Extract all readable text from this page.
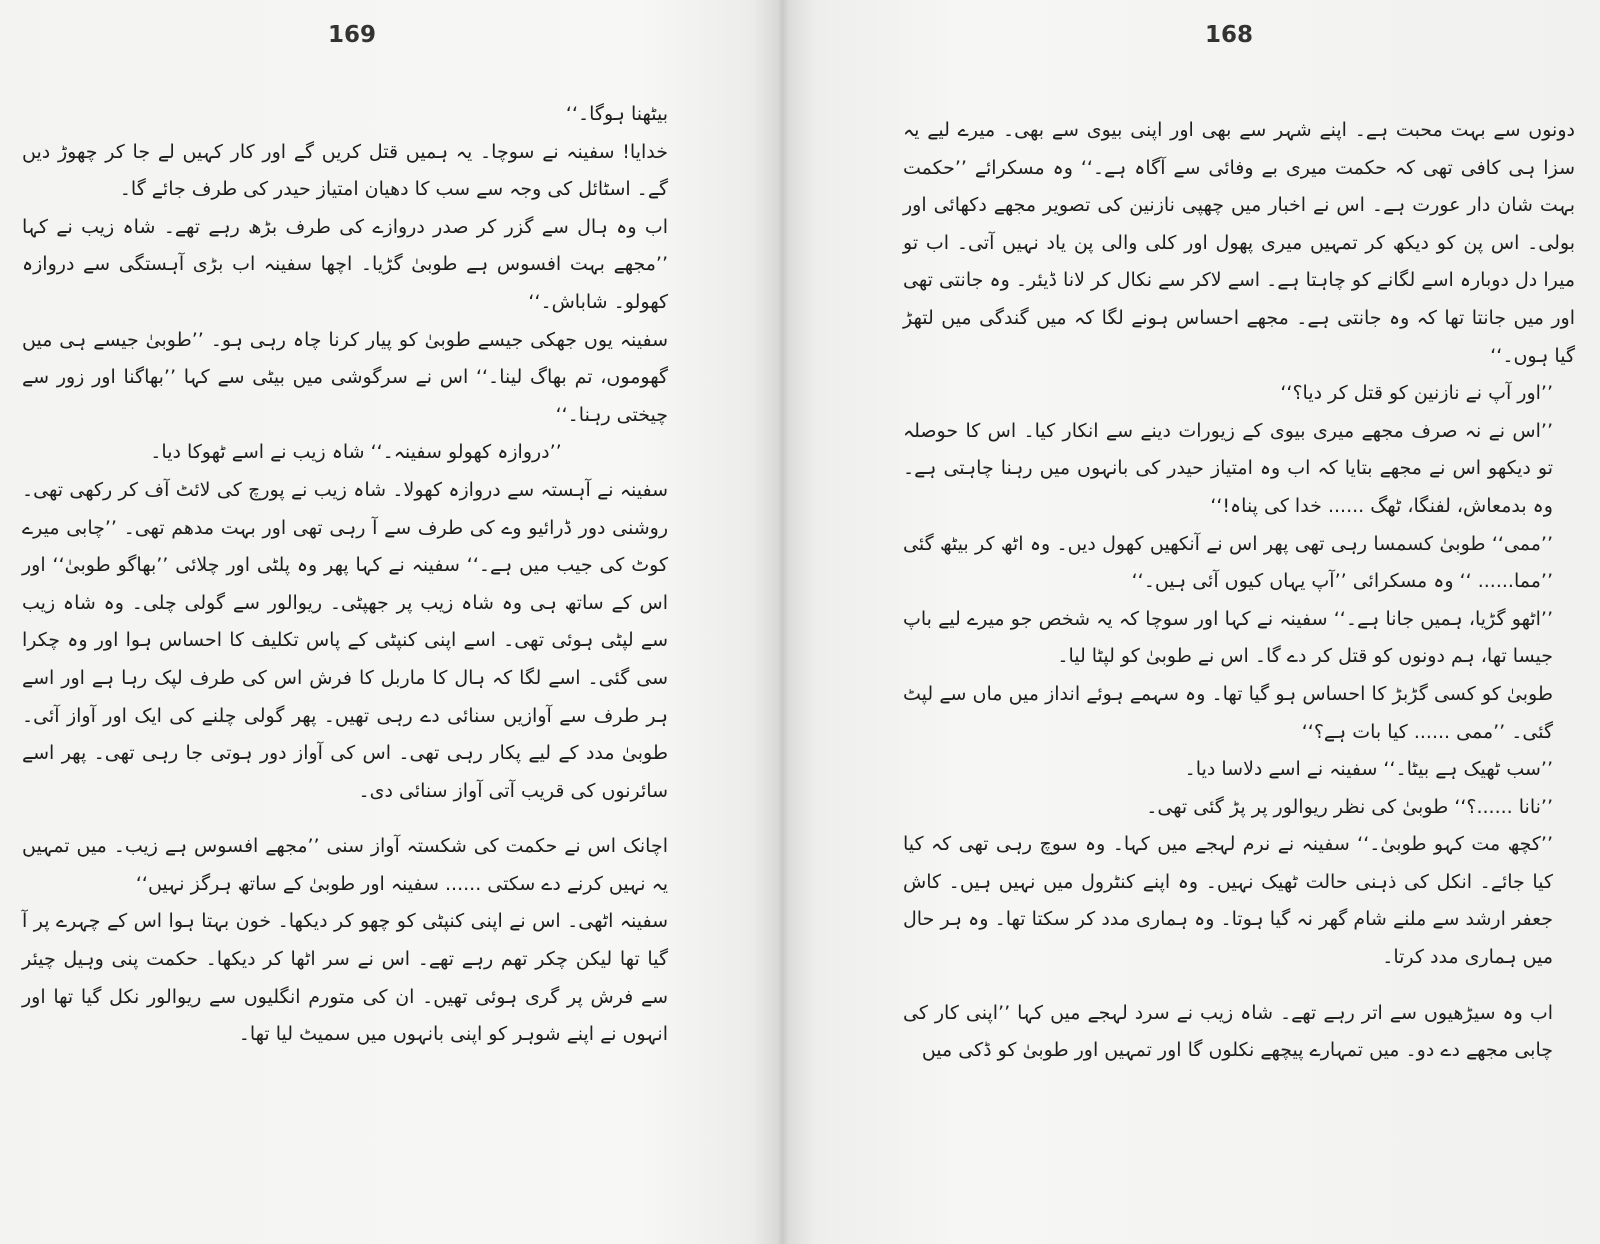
169

بیٹھنا ہوگا۔‘‘

خدایا! سفینہ نے سوچا۔ یہ ہمیں قتل کریں گے اور کار کہیں لے جا کر چھوڑ دیں گے۔ اسٹائل کی وجہ سے سب کا دھیان امتیاز حیدر کی طرف جائے گا۔

اب وہ ہال سے گزر کر صدر دروازے کی طرف بڑھ رہے تھے۔ شاہ زیب نے کہا ’’مجھے بہت افسوس ہے طوبیٰ گڑیا۔ اچھا سفینہ اب بڑی آہستگی سے دروازہ کھولو۔ شاباش۔‘‘

سفینہ یوں جھکی جیسے طوبیٰ کو پیار کرنا چاہ رہی ہو۔ ’’طوبیٰ جیسے ہی میں گھوموں، تم بھاگ لینا۔‘‘ اس نے سرگوشی میں بیٹی سے کہا ’’بھاگنا اور زور سے چیختی رہنا۔‘‘

’’دروازہ کھولو سفینہ۔‘‘ شاہ زیب نے اسے ٹھوکا دیا۔

سفینہ نے آہستہ سے دروازہ کھولا۔ شاہ زیب نے پورچ کی لائٹ آف کر رکھی تھی۔ روشنی دور ڈرائیو وے کی طرف سے آ رہی تھی اور بہت مدھم تھی۔ ’’چابی میرے کوٹ کی جیب میں ہے۔‘‘ سفینہ نے کہا پھر وہ پلٹی اور چلائی ’’بھاگو طوبیٰ‘‘ اور اس کے ساتھ ہی وہ شاہ زیب پر جھپٹی۔ ریوالور سے گولی چلی۔ وہ شاہ زیب سے لپٹی ہوئی تھی۔ اسے اپنی کنپٹی کے پاس تکلیف کا احساس ہوا اور وہ چکرا سی گئی۔ اسے لگا کہ ہال کا ماربل کا فرش اس کی طرف لپک رہا ہے اور اسے ہر طرف سے آوازیں سنائی دے رہی تھیں۔ پھر گولی چلنے کی ایک اور آواز آئی۔ طوبیٰ مدد کے لیے پکار رہی تھی۔ اس کی آواز دور ہوتی جا رہی تھی۔ پھر اسے سائرنوں کی قریب آتی آواز سنائی دی۔

اچانک اس نے حکمت کی شکستہ آواز سنی ’’مجھے افسوس ہے زیب۔ میں تمہیں یہ نہیں کرنے دے سکتی ...... سفینہ اور طوبیٰ کے ساتھ ہرگز نہیں‘‘

سفینہ اٹھی۔ اس نے اپنی کنپٹی کو چھو کر دیکھا۔ خون بہتا ہوا اس کے چہرے پر آ گیا تھا لیکن چکر تھم رہے تھے۔ اس نے سر اٹھا کر دیکھا۔ حکمت پنی وہیل چیئر سے فرش پر گری ہوئی تھیں۔ ان کی متورم انگلیوں سے ریوالور نکل گیا تھا اور انہوں نے اپنے شوہر کو اپنی بانہوں میں سمیٹ لیا تھا۔

168

دونوں سے بہت محبت ہے۔ اپنے شہر سے بھی اور اپنی بیوی سے بھی۔ میرے لیے یہ سزا ہی کافی تھی کہ حکمت میری بے وفائی سے آگاہ ہے۔‘‘ وہ مسکرائے ’’حکمت بہت شان دار عورت ہے۔ اس نے اخبار میں چھپی نازنین کی تصویر مجھے دکھائی اور بولی۔ اس پن کو دیکھ کر تمہیں میری پھول اور کلی والی پن یاد نہیں آتی۔ اب تو میرا دل دوبارہ اسے لگانے کو چاہتا ہے۔ اسے لاکر سے نکال کر لانا ڈیئر۔ وہ جانتی تھی اور میں جانتا تھا کہ وہ جانتی ہے۔ مجھے احساس ہونے لگا کہ میں گندگی میں لتھڑ گیا ہوں۔‘‘

’’اور آپ نے نازنین کو قتل کر دیا؟‘‘

’’اس نے نہ صرف مجھے میری بیوی کے زیورات دینے سے انکار کیا۔ اس کا حوصلہ تو دیکھو اس نے مجھے بتایا کہ اب وہ امتیاز حیدر کی بانہوں میں رہنا چاہتی ہے۔ وہ بدمعاش، لفنگا، ٹھگ ...... خدا کی پناہ!‘‘

’’ممی‘‘ طوبیٰ کسمسا رہی تھی پھر اس نے آنکھیں کھول دیں۔ وہ اٹھ کر بیٹھ گئی ’’مما...... ‘‘ وہ مسکرائی ’’آپ یہاں کیوں آئی ہیں۔‘‘

’’اٹھو گڑیا، ہمیں جانا ہے۔‘‘ سفینہ نے کہا اور سوچا کہ یہ شخص جو میرے لیے باپ جیسا تھا، ہم دونوں کو قتل کر دے گا۔ اس نے طوبیٰ کو لپٹا لیا۔

طوبیٰ کو کسی گڑبڑ کا احساس ہو گیا تھا۔ وہ سہمے ہوئے انداز میں ماں سے لپٹ گئی۔ ’’ممی ...... کیا بات ہے؟‘‘

’’سب ٹھیک ہے بیٹا۔‘‘ سفینہ نے اسے دلاسا دیا۔

’’نانا ......؟‘‘ طوبیٰ کی نظر ریوالور پر پڑ گئی تھی۔

’’کچھ مت کہو طوبیٰ۔‘‘ سفینہ نے نرم لہجے میں کہا۔ وہ سوچ رہی تھی کہ کیا کیا جائے۔ انکل کی ذہنی حالت ٹھیک نہیں۔ وہ اپنے کنٹرول میں نہیں ہیں۔ کاش جعفر ارشد سے ملنے شام گھر نہ گیا ہوتا۔ وہ ہماری مدد کر سکتا تھا۔ وہ ہر حال میں ہماری مدد کرتا۔

اب وہ سیڑھیوں سے اتر رہے تھے۔ شاہ زیب نے سرد لہجے میں کہا ’’اپنی کار کی چابی مجھے دے دو۔ میں تمہارے پیچھے نکلوں گا اور تمہیں اور طوبیٰ کو ڈکی میں
